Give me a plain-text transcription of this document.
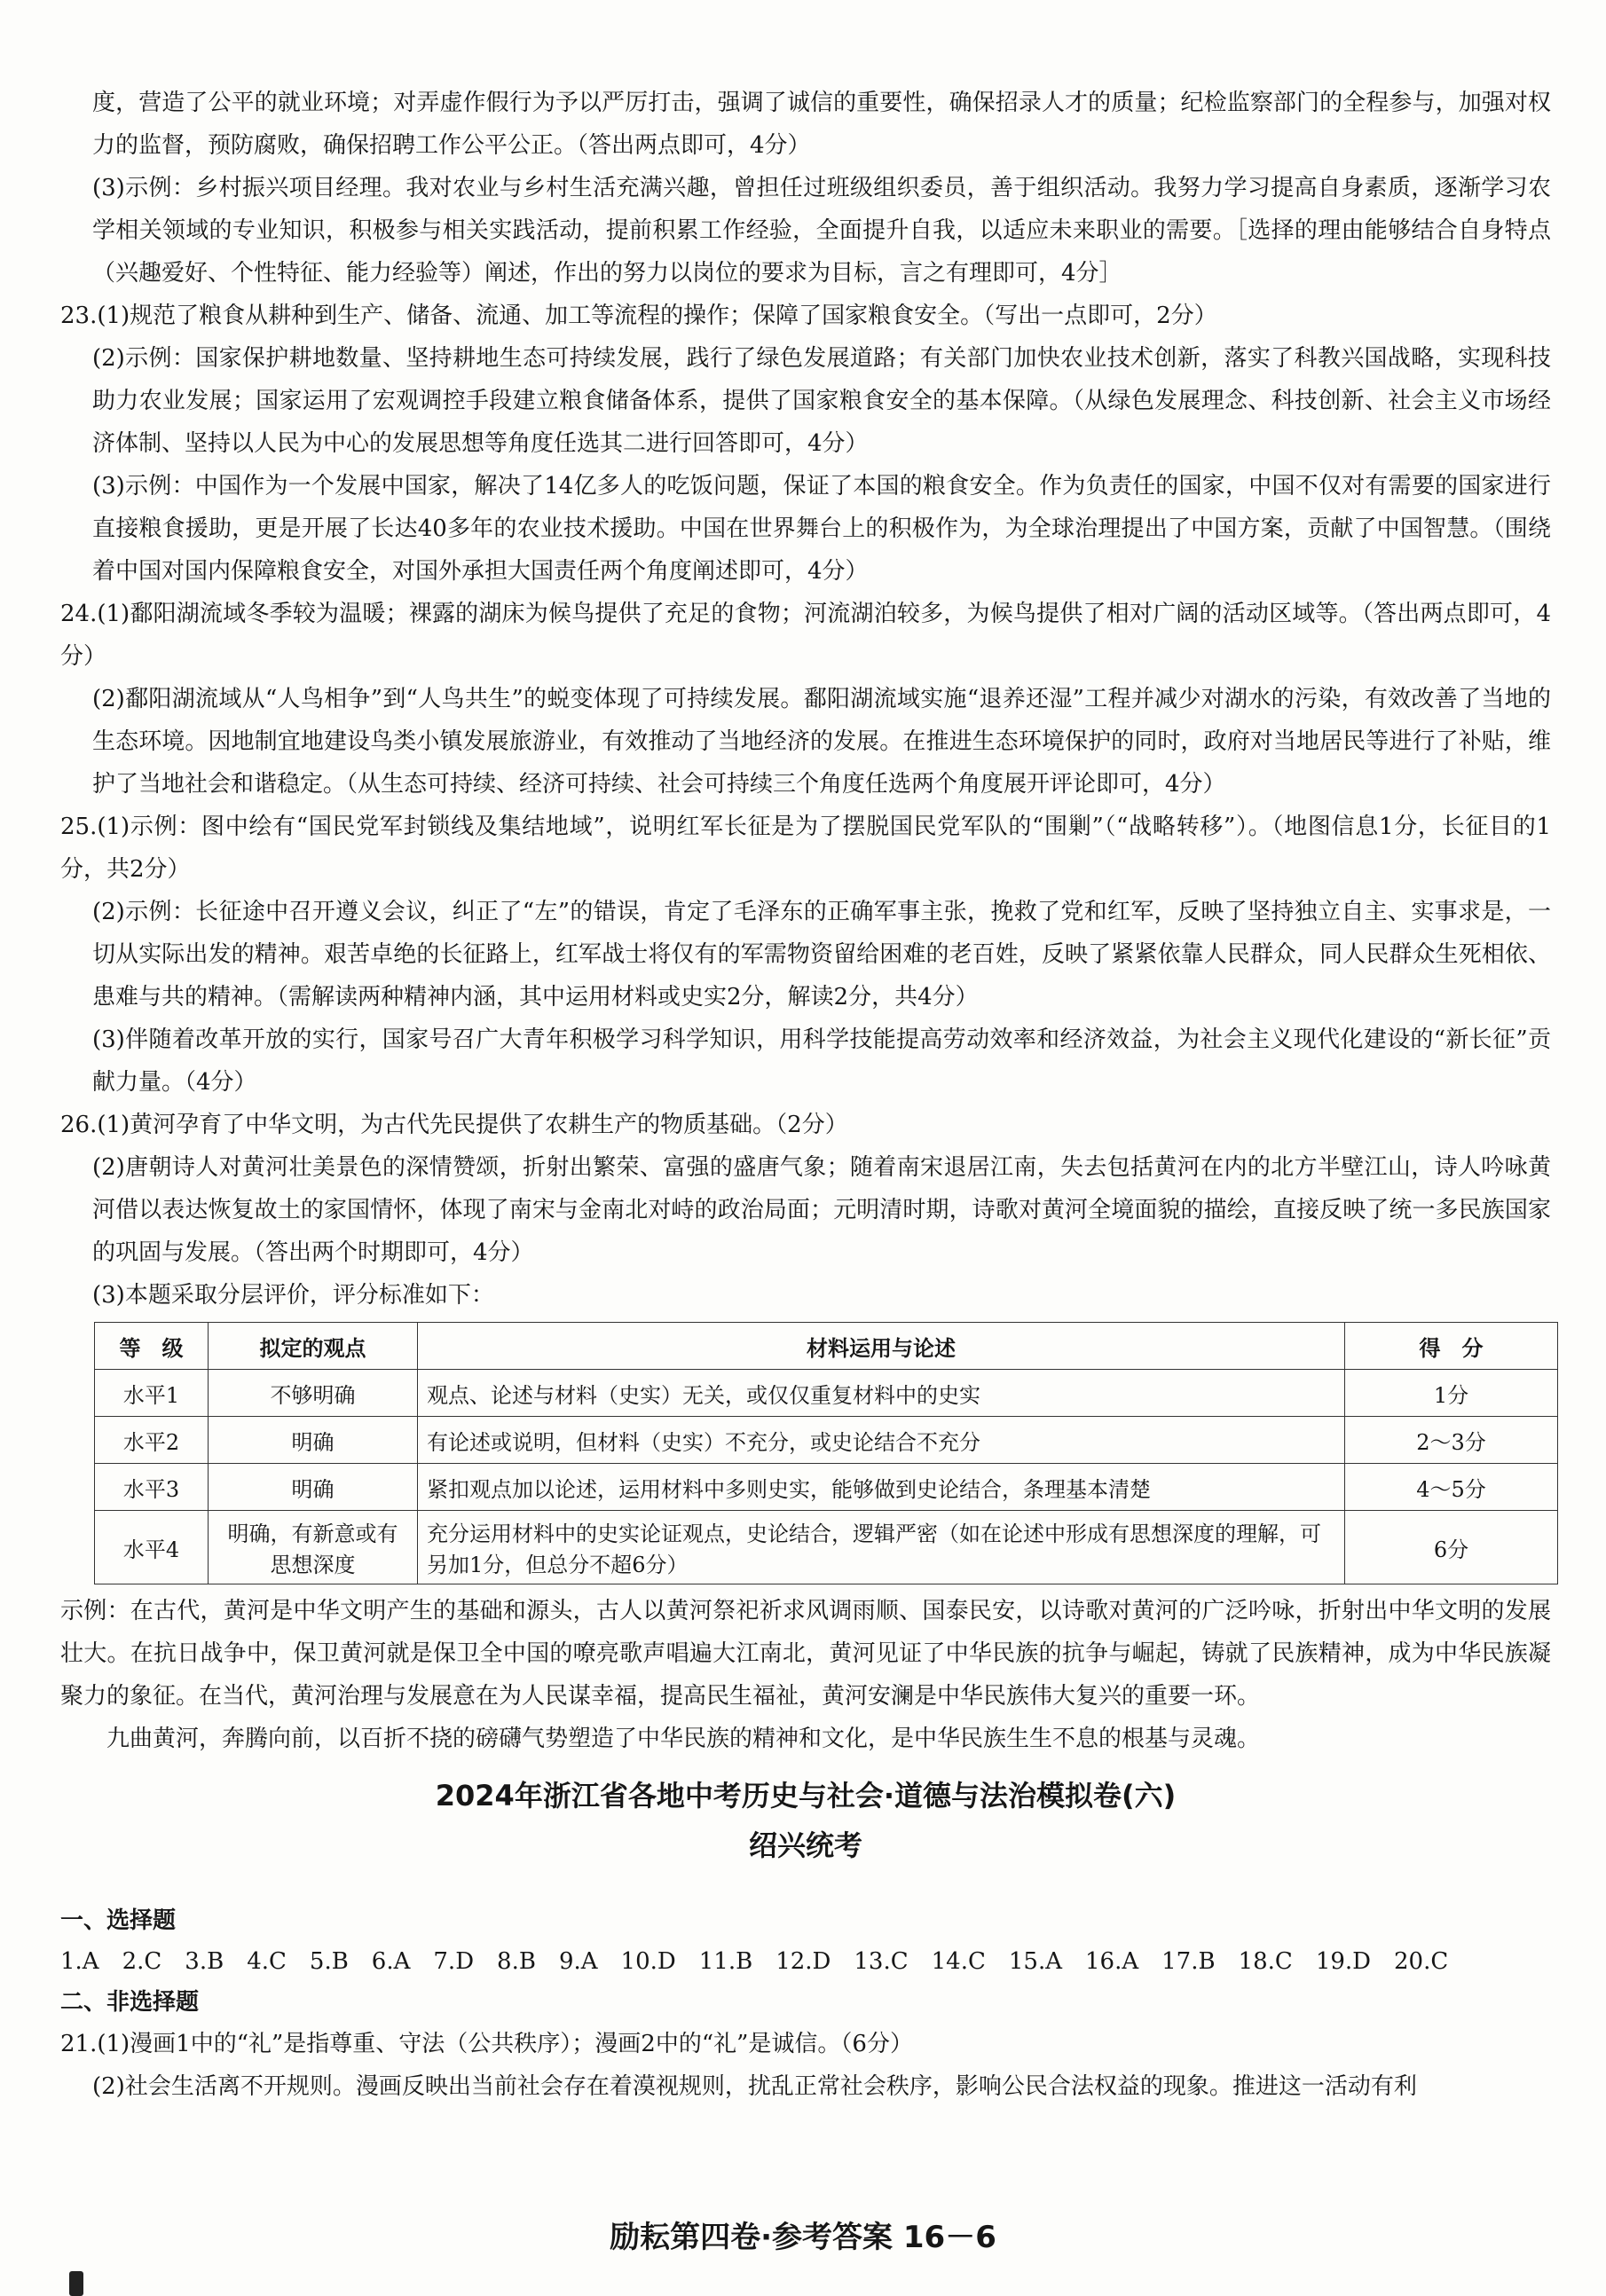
度，营造了公平的就业环境；对弄虚作假行为予以严厉打击，强调了诚信的重要性，确保招录人才的质量；纪检监察部门的全程参与，加强对权力的监督，预防腐败，确保招聘工作公平公正。（答出两点即可，4分）

(3)示例：乡村振兴项目经理。我对农业与乡村生活充满兴趣，曾担任过班级组织委员，善于组织活动。我努力学习提高自身素质，逐渐学习农学相关领域的专业知识，积极参与相关实践活动，提前积累工作经验，全面提升自我，以适应未来职业的需要。［选择的理由能够结合自身特点（兴趣爱好、个性特征、能力经验等）阐述，作出的努力以岗位的要求为目标，言之有理即可，4分］

23.(1)规范了粮食从耕种到生产、储备、流通、加工等流程的操作；保障了国家粮食安全。（写出一点即可，2分）

(2)示例：国家保护耕地数量、坚持耕地生态可持续发展，践行了绿色发展道路；有关部门加快农业技术创新，落实了科教兴国战略，实现科技助力农业发展；国家运用了宏观调控手段建立粮食储备体系，提供了国家粮食安全的基本保障。（从绿色发展理念、科技创新、社会主义市场经济体制、坚持以人民为中心的发展思想等角度任选其二进行回答即可，4分）

(3)示例：中国作为一个发展中国家，解决了14亿多人的吃饭问题，保证了本国的粮食安全。作为负责任的国家，中国不仅对有需要的国家进行直接粮食援助，更是开展了长达40多年的农业技术援助。中国在世界舞台上的积极作为，为全球治理提出了中国方案，贡献了中国智慧。（围绕着中国对国内保障粮食安全，对国外承担大国责任两个角度阐述即可，4分）

24.(1)鄱阳湖流域冬季较为温暖；裸露的湖床为候鸟提供了充足的食物；河流湖泊较多，为候鸟提供了相对广阔的活动区域等。（答出两点即可，4分）

(2)鄱阳湖流域从“人鸟相争”到“人鸟共生”的蜕变体现了可持续发展。鄱阳湖流域实施“退养还湿”工程并减少对湖水的污染，有效改善了当地的生态环境。因地制宜地建设鸟类小镇发展旅游业，有效推动了当地经济的发展。在推进生态环境保护的同时，政府对当地居民等进行了补贴，维护了当地社会和谐稳定。（从生态可持续、经济可持续、社会可持续三个角度任选两个角度展开评论即可，4分）

25.(1)示例：图中绘有“国民党军封锁线及集结地域”，说明红军长征是为了摆脱国民党军队的“围剿”（“战略转移”）。（地图信息1分，长征目的1分，共2分）

(2)示例：长征途中召开遵义会议，纠正了“左”的错误，肯定了毛泽东的正确军事主张，挽救了党和红军，反映了坚持独立自主、实事求是，一切从实际出发的精神。艰苦卓绝的长征路上，红军战士将仅有的军需物资留给困难的老百姓，反映了紧紧依靠人民群众，同人民群众生死相依、患难与共的精神。（需解读两种精神内涵，其中运用材料或史实2分，解读2分，共4分）

(3)伴随着改革开放的实行，国家号召广大青年积极学习科学知识，用科学技能提高劳动效率和经济效益，为社会主义现代化建设的“新长征”贡献力量。（4分）

26.(1)黄河孕育了中华文明，为古代先民提供了农耕生产的物质基础。（2分）

(2)唐朝诗人对黄河壮美景色的深情赞颂，折射出繁荣、富强的盛唐气象；随着南宋退居江南，失去包括黄河在内的北方半壁江山，诗人吟咏黄河借以表达恢复故土的家国情怀，体现了南宋与金南北对峙的政治局面；元明清时期，诗歌对黄河全境面貌的描绘，直接反映了统一多民族国家的巩固与发展。（答出两个时期即可，4分）

(3)本题采取分层评价，评分标准如下：

等　级	拟定的观点	材料运用与论述	得　分
水平1	不够明确	观点、论述与材料（史实）无关，或仅仅重复材料中的史实	1分
水平2	明确	有论述或说明，但材料（史实）不充分，或史论结合不充分	2～3分
水平3	明确	紧扣观点加以论述，运用材料中多则史实，能够做到史论结合，条理基本清楚	4～5分
水平4	明确，有新意或有思想深度	充分运用材料中的史实论证观点，史论结合，逻辑严密（如在论述中形成有思想深度的理解，可另加1分，但总分不超6分）	6分

示例：在古代，黄河是中华文明产生的基础和源头，古人以黄河祭祀祈求风调雨顺、国泰民安，以诗歌对黄河的广泛吟咏，折射出中华文明的发展壮大。在抗日战争中，保卫黄河就是保卫全中国的嘹亮歌声唱遍大江南北，黄河见证了中华民族的抗争与崛起，铸就了民族精神，成为中华民族凝聚力的象征。在当代，黄河治理与发展意在为人民谋幸福，提高民生福祉，黄河安澜是中华民族伟大复兴的重要一环。

九曲黄河，奔腾向前，以百折不挠的磅礴气势塑造了中华民族的精神和文化，是中华民族生生不息的根基与灵魂。

2024年浙江省各地中考历史与社会·道德与法治模拟卷(六)
绍兴统考
一、选择题
1.A　2.C　3.B　4.C　5.B　6.A　7.D　8.B　9.A　10.D　11.B　12.D　13.C　14.C　15.A　16.A　17.B　18.C　19.D　20.C
二、非选择题

21.(1)漫画1中的“礼”是指尊重、守法（公共秩序）；漫画2中的“礼”是诚信。（6分）

(2)社会生活离不开规则。漫画反映出当前社会存在着漠视规则，扰乱正常社会秩序，影响公民合法权益的现象。推进这一活动有利

励耘第四卷·参考答案 16－6
